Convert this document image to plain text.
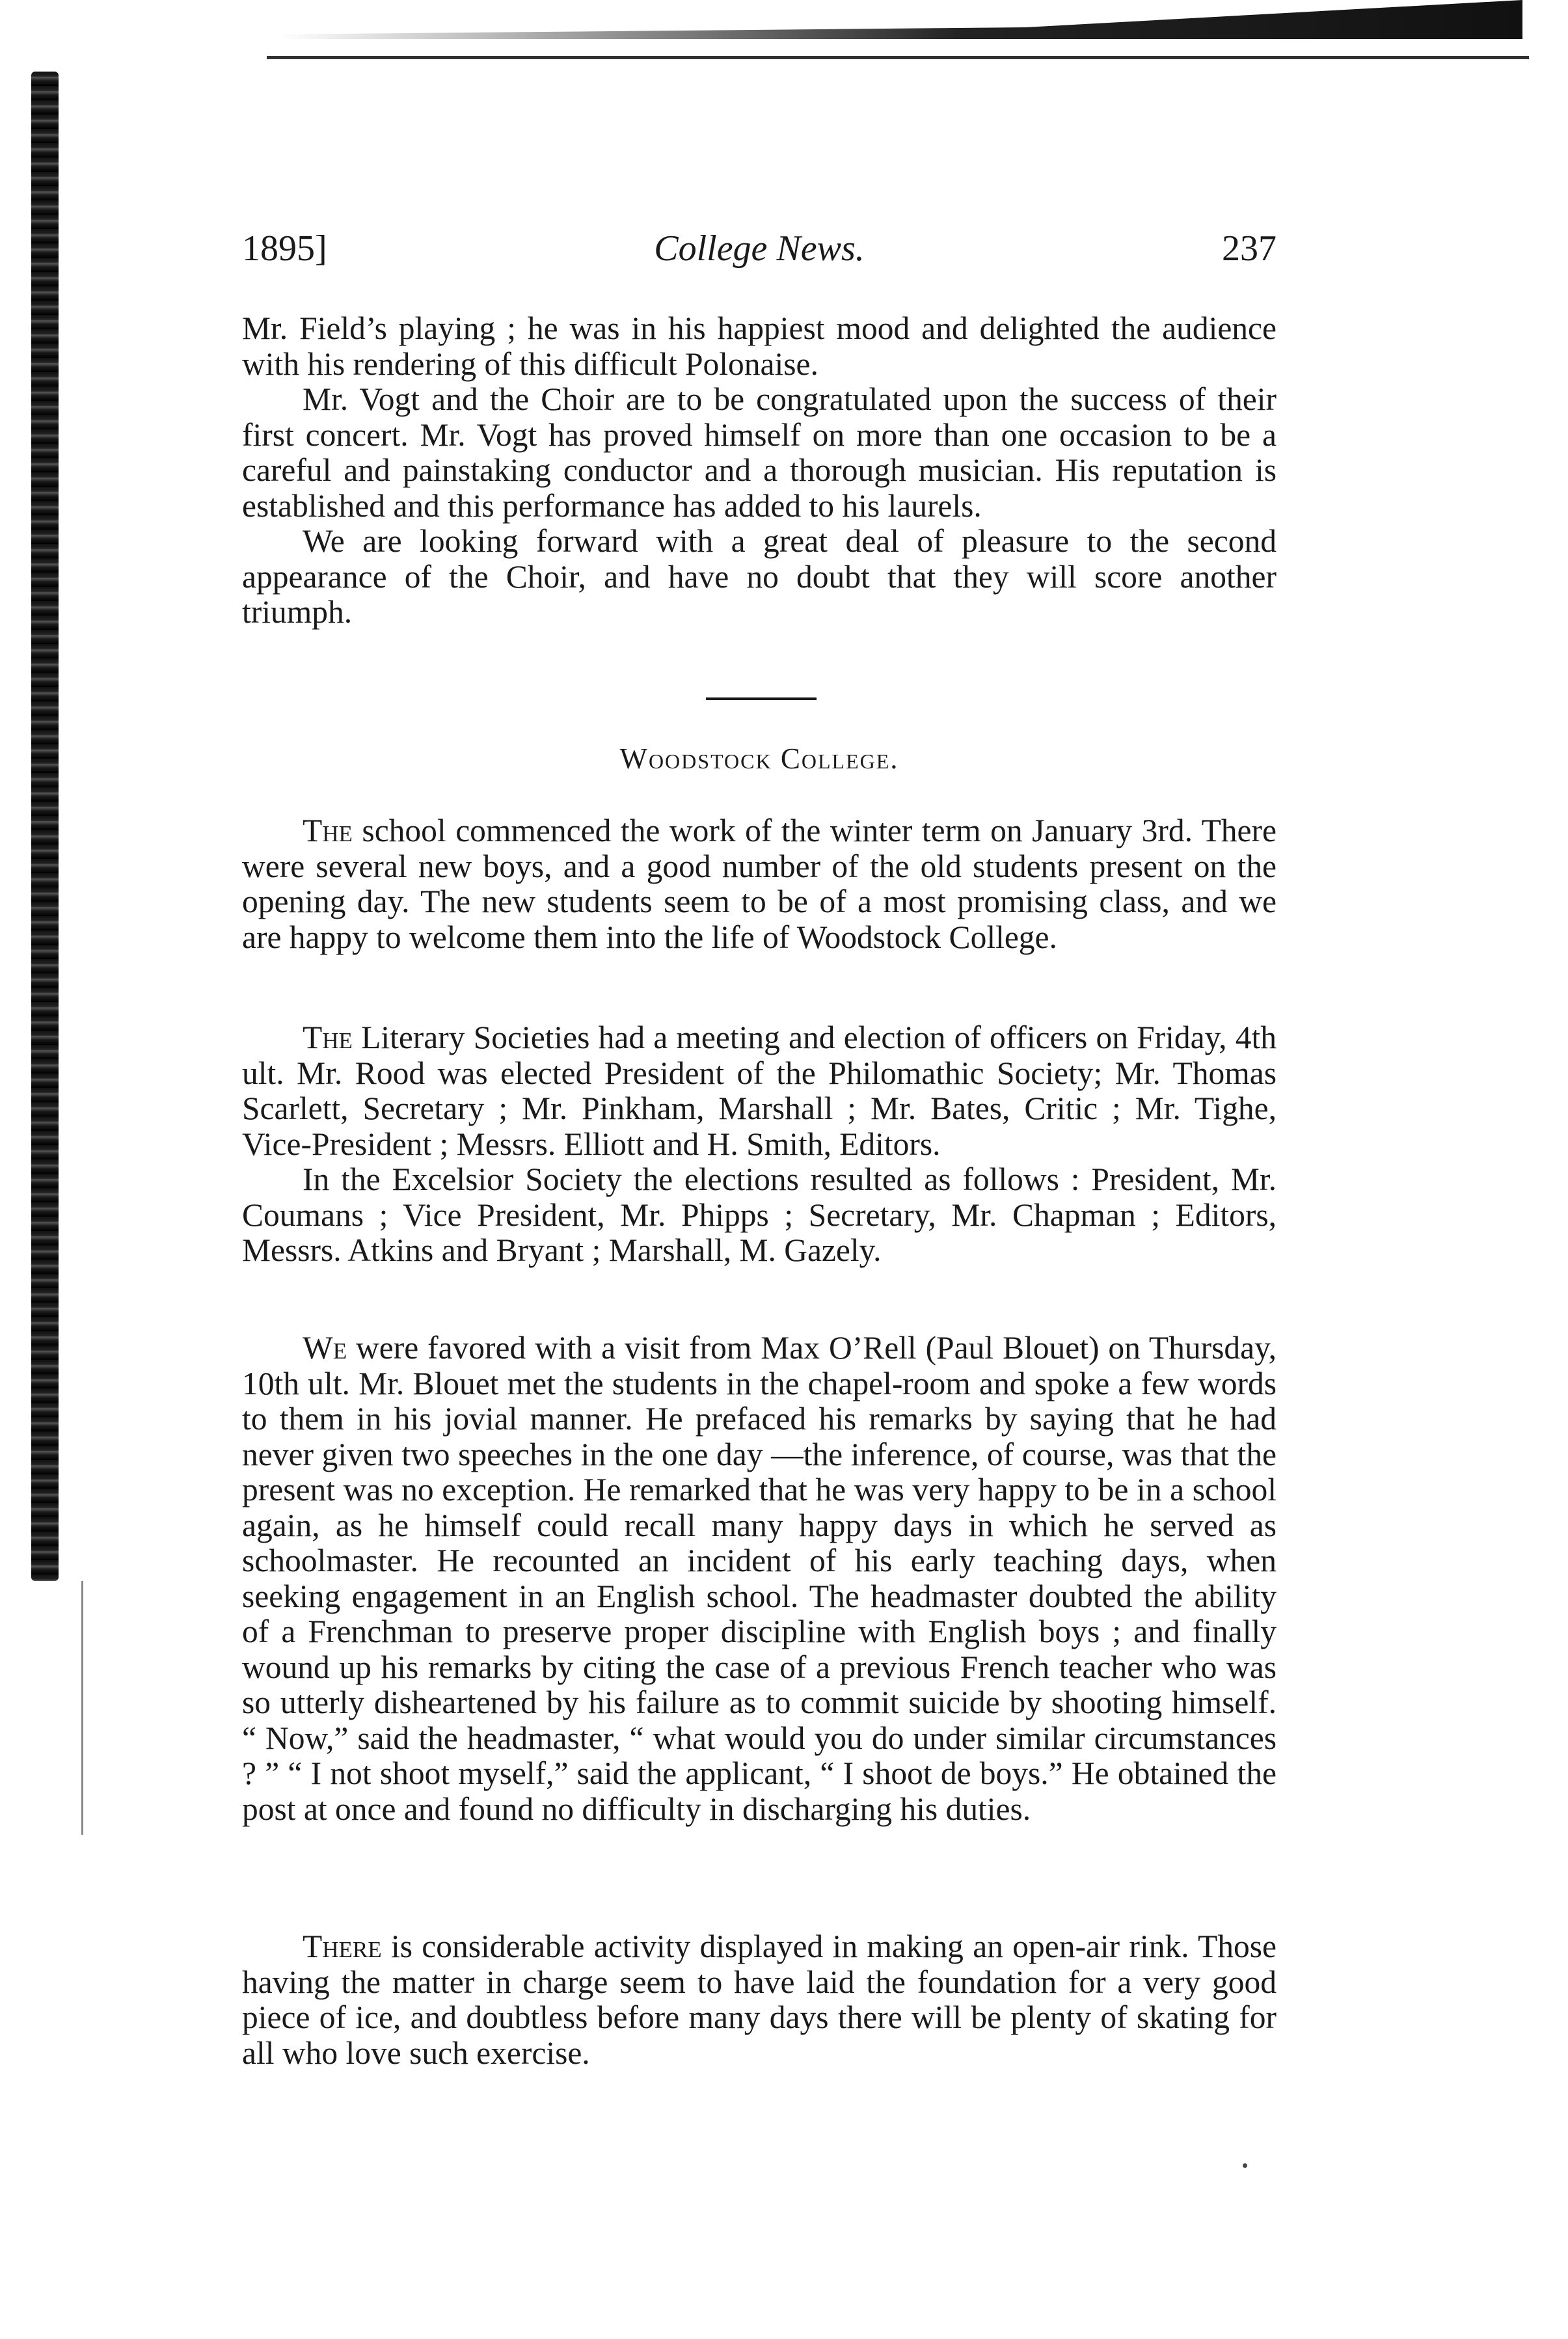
1895]	College News.	237

Mr. Field’s playing ; he was in his happiest mood and delighted the audience with his rendering of this difficult Polonaise.

Mr. Vogt and the Choir are to be congratulated upon the success of their first concert. Mr. Vogt has proved himself on more than one occasion to be a careful and painstaking conductor and a thorough musician. His reputation is established and this performance has added to his laurels.

We are looking forward with a great deal of pleasure to the second appearance of the Choir, and have no doubt that they will score another triumph.

Woodstock College.

The school commenced the work of the winter term on January 3rd. There were several new boys, and a good number of the old students present on the opening day. The new students seem to be of a most promising class, and we are happy to welcome them into the life of Woodstock College.

The Literary Societies had a meeting and election of officers on Friday, 4th ult. Mr. Rood was elected President of the Philomathic Society; Mr. Thomas Scarlett, Secretary ; Mr. Pinkham, Marshall ; Mr. Bates, Critic ; Mr. Tighe, Vice-President ; Messrs. Elliott and H. Smith, Editors.

In the Excelsior Society the elections resulted as follows : President, Mr. Coumans ; Vice President, Mr. Phipps ; Secretary, Mr. Chapman ; Editors, Messrs. Atkins and Bryant ; Marshall, M. Gazely.

We were favored with a visit from Max O’Rell (Paul Blouet) on Thursday, 10th ult. Mr. Blouet met the students in the chapel-room and spoke a few words to them in his jovial manner. He prefaced his remarks by saying that he had never given two speeches in the one day —the inference, of course, was that the present was no exception. He remarked that he was very happy to be in a school again, as he himself could recall many happy days in which he served as schoolmaster. He recounted an incident of his early teaching days, when seeking engagement in an English school. The headmaster doubted the ability of a Frenchman to preserve proper discipline with English boys ; and finally wound up his remarks by citing the case of a previous French teacher who was so utterly disheartened by his failure as to commit suicide by shooting himself. “ Now,” said the headmaster, “ what would you do under similar circumstances ? ” “ I not shoot myself,” said the applicant, “ I shoot de boys.” He obtained the post at once and found no difficulty in discharging his duties.

There is considerable activity displayed in making an open-air rink. Those having the matter in charge seem to have laid the foundation for a very good piece of ice, and doubtless before many days there will be plenty of skating for all who love such exercise.
